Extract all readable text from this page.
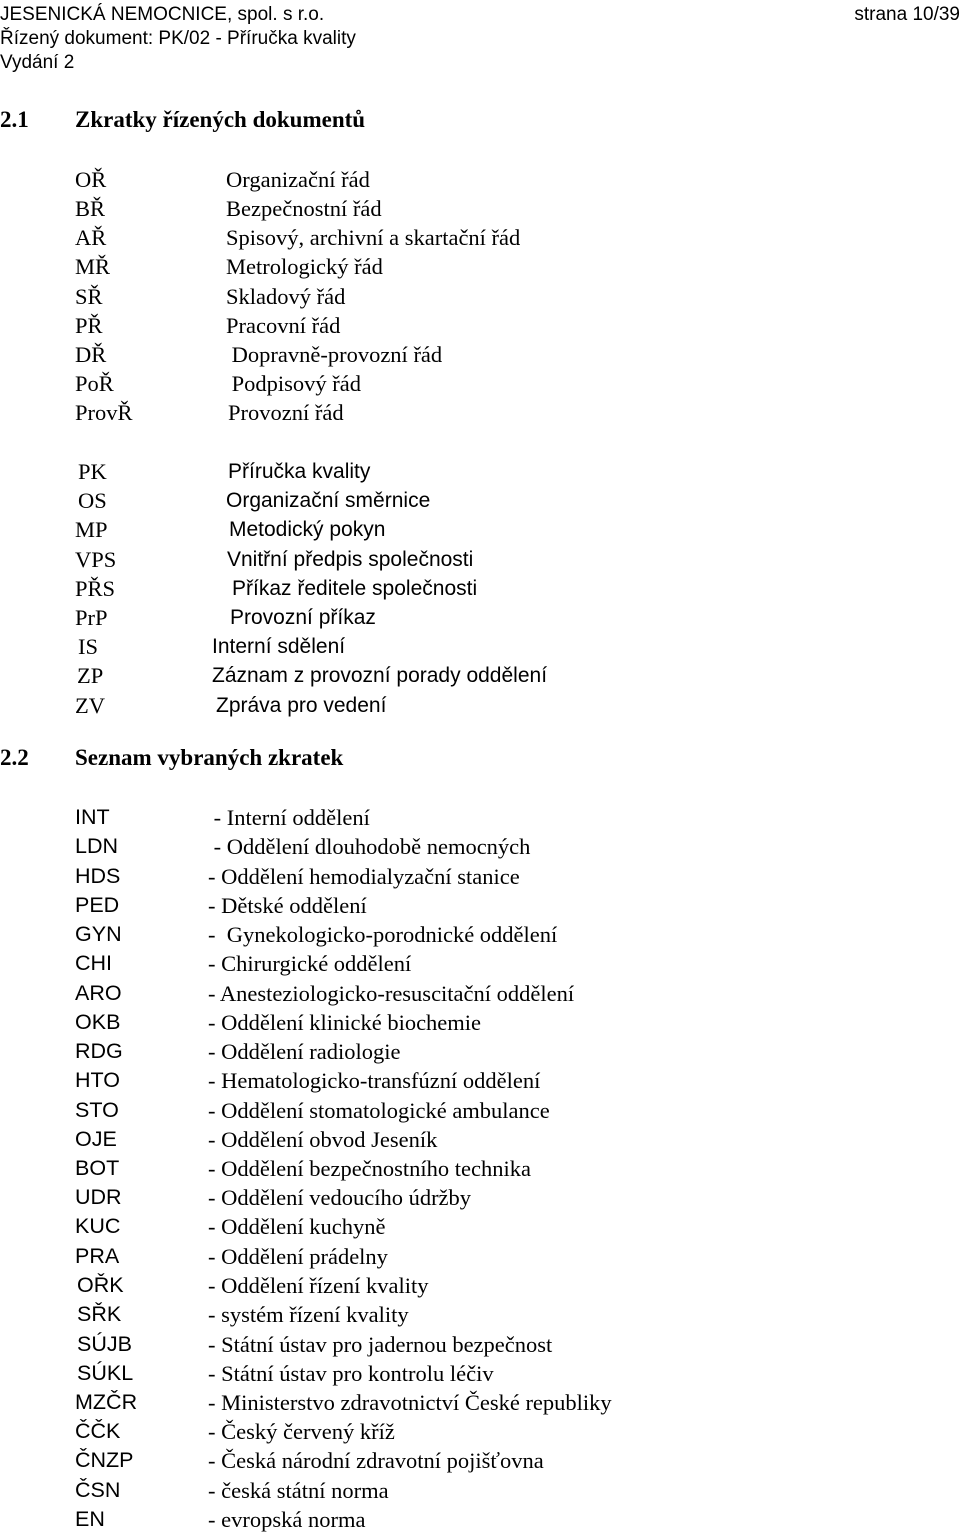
JESENICKÁ NEMOCNICE, spol. s r.o.
Řízený dokument: PK/02 - Příručka kvality
Vydání 2
strana 10/39
2.1 Zkratky řízených dokumentů
OŘ	Organizační řád
BŘ	Bezpečnostní řád
AŘ	Spisový, archivní a skartační řád
MŘ	Metrologický řád
SŘ	Skladový řád
PŘ	Pracovní řád
DŘ	Dopravně-provozní řád
PoŘ	Podpisový řád
ProvŘ	Provozní řád
PK	Příručka kvality
OS	Organizační směrnice
MP	Metodický pokyn
VPS	Vnitřní předpis společnosti
PŘS	Příkaz ředitele společnosti
PrP	Provozní příkaz
IS	Interní sdělení
ZP	Záznam z provozní porady oddělení
ZV	Zpráva pro vedení
2.2 Seznam vybraných zkratek
INT	- Interní oddělení
LDN	- Oddělení dlouhodobě nemocných
HDS	- Oddělení hemodialyzační stanice
PED	- Dětské oddělení
GYN	-  Gynekologicko-porodnické oddělení
CHI	- Chirurgické oddělení
ARO	- Anesteziologicko-resuscitační oddělení
OKB	- Oddělení klinické biochemie
RDG	- Oddělení radiologie
HTO	- Hematologicko-transfúzní oddělení
STO	- Oddělení stomatologické ambulance
OJE	- Oddělení obvod Jeseník
BOT	- Oddělení bezpečnostního technika
UDR	- Oddělení vedoucího údržby
KUC	- Oddělení kuchyně
PRA	- Oddělení prádelny
OŘK	- Oddělení řízení kvality
SŘK	- systém řízení kvality
SÚJB	- Státní ústav pro jadernou bezpečnost
SÚKL	- Státní ústav pro kontrolu léčiv
MZČR	- Ministerstvo zdravotnictví České republiky
ČČK	- Český červený kříž
ČNZP	- Česká národní zdravotní pojišťovna
ČSN	- česká státní norma
EN	- evropská norma
